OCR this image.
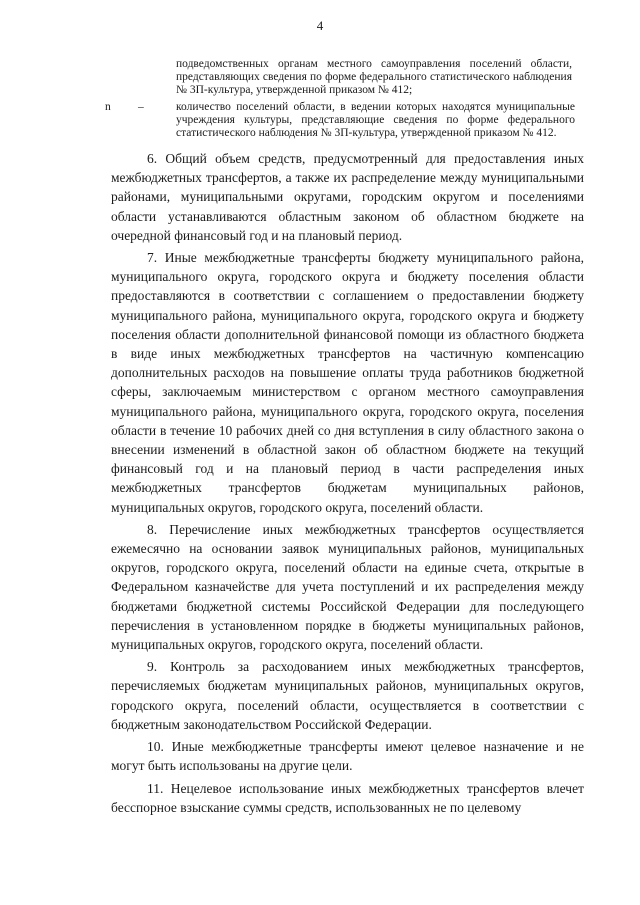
4
подведомственных органам местного самоуправления поселений области, представляющих сведения по форме федерального статистического наблюдения № 3П-культура, утвержденной приказом № 412;
n –	количество поселений области, в ведении которых находятся муниципальные учреждения культуры, представляющие сведения по форме федерального статистического наблюдения № 3П-культура, утвержденной приказом № 412.

6. Общий объем средств, предусмотренный для предоставления иных межбюджетных трансфертов, а также их распределение между муниципальными районами, муниципальными округами, городским округом и поселениями области устанавливаются областным законом об областном бюджете на очередной финансовый год и на плановый период.

7. Иные межбюджетные трансферты бюджету муниципального района, муниципального округа, городского округа и бюджету поселения области предоставляются в соответствии с соглашением о предоставлении бюджету муниципального района, муниципального округа, городского округа и бюджету поселения области дополнительной финансовой помощи из областного бюджета в виде иных межбюджетных трансфертов на частичную компенсацию дополнительных расходов на повышение оплаты труда работников бюджетной сферы, заключаемым министерством с органом местного самоуправления муниципального района, муниципального округа, городского округа, поселения области в течение 10 рабочих дней со дня вступления в силу областного закона о внесении изменений в областной закон об областном бюджете на текущий финансовый год и на плановый период в части распределения иных межбюджетных трансфертов бюджетам муниципальных районов, муниципальных округов, городского округа, поселений области.

8. Перечисление иных межбюджетных трансфертов осуществляется ежемесячно на основании заявок муниципальных районов, муниципальных округов, городского округа, поселений области на единые счета, открытые в Федеральном казначействе для учета поступлений и их распределения между бюджетами бюджетной системы Российской Федерации для последующего перечисления в установленном порядке в бюджеты муниципальных районов, муниципальных округов, городского округа, поселений области.

9. Контроль за расходованием иных межбюджетных трансфертов, перечисляемых бюджетам муниципальных районов, муниципальных округов, городского округа, поселений области, осуществляется в соответствии с бюджетным законодательством Российской Федерации.

10. Иные межбюджетные трансферты имеют целевое назначение и не могут быть использованы на другие цели.

11. Нецелевое использование иных межбюджетных трансфертов влечет бесспорное взыскание суммы средств, использованных не по целевому
